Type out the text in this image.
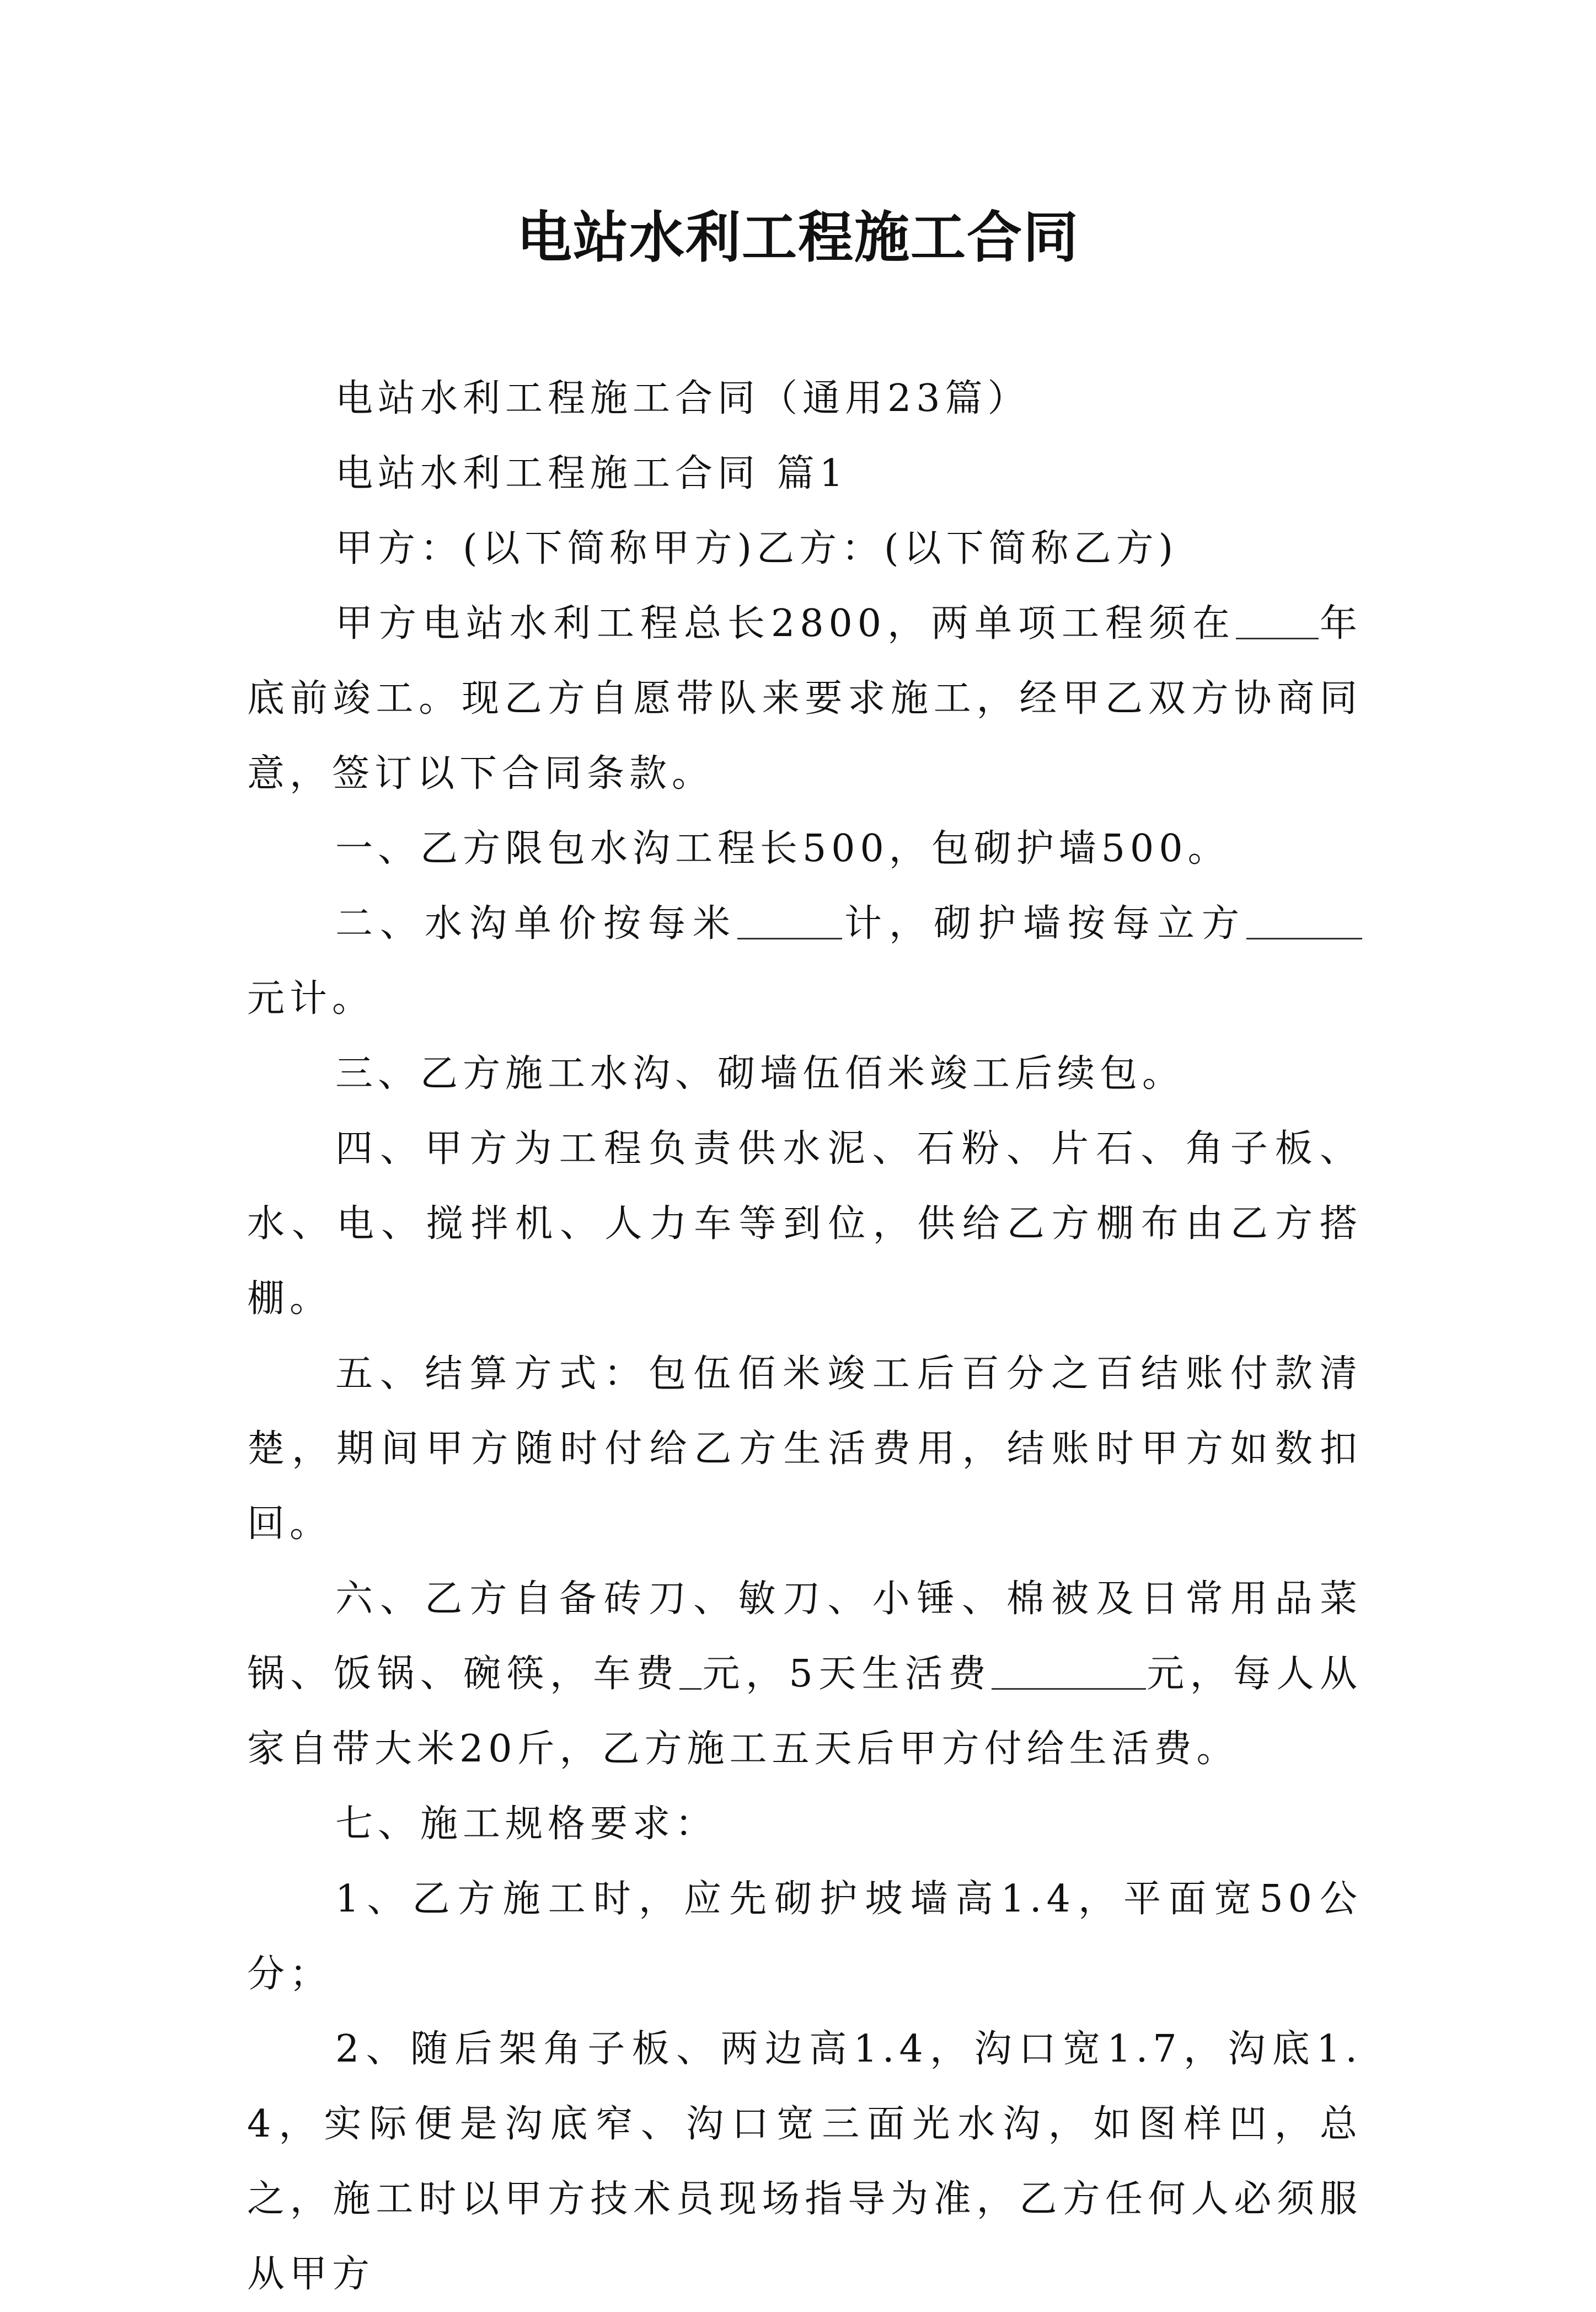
电站水利工程施工合同

电站水利工程施工合同（通用23篇）

电站水利工程施工合同 篇1

甲方：(以下简称甲方)乙方：(以下简称乙方)

甲方电站水利工程总长2800，两单项工程须在 年底前竣工。现乙方自愿带队来要求施工，经甲乙双方协商同意，签订以下合同条款。

一、乙方限包水沟工程长500，包砌护墙500。

二、水沟单价按每米	计，砌护墙按每立方元计。

三、乙方施工水沟、砌墙伍佰米竣工后续包。

四、甲方为工程负责供水泥、石粉、片石、角子板、水、电、搅拌机、人力车等到位，供给乙方棚布由乙方搭棚。

五、结算方式：包伍佰米竣工后百分之百结账付款清楚，期间甲方随时付给乙方生活费用，结账时甲方如数扣回。

六、乙方自备砖刀、敏刀、小锤、棉被及日常用品菜锅、饭锅、碗筷，车费 元，5天生活费	元，每人从家自带大米20斤，乙方施工五天后甲方付给生活费。

七、施工规格要求：

1、乙方施工时，应先砌护坡墙高1.4，平面宽50公分；

2、随后架角子板、两边高1.4，沟口宽1.7，沟底1.4，实际便是沟底窄、沟口宽三面光水沟，如图样凹，总之，施工时以甲方技术员现场指导为准，乙方任何人必须服从甲方
